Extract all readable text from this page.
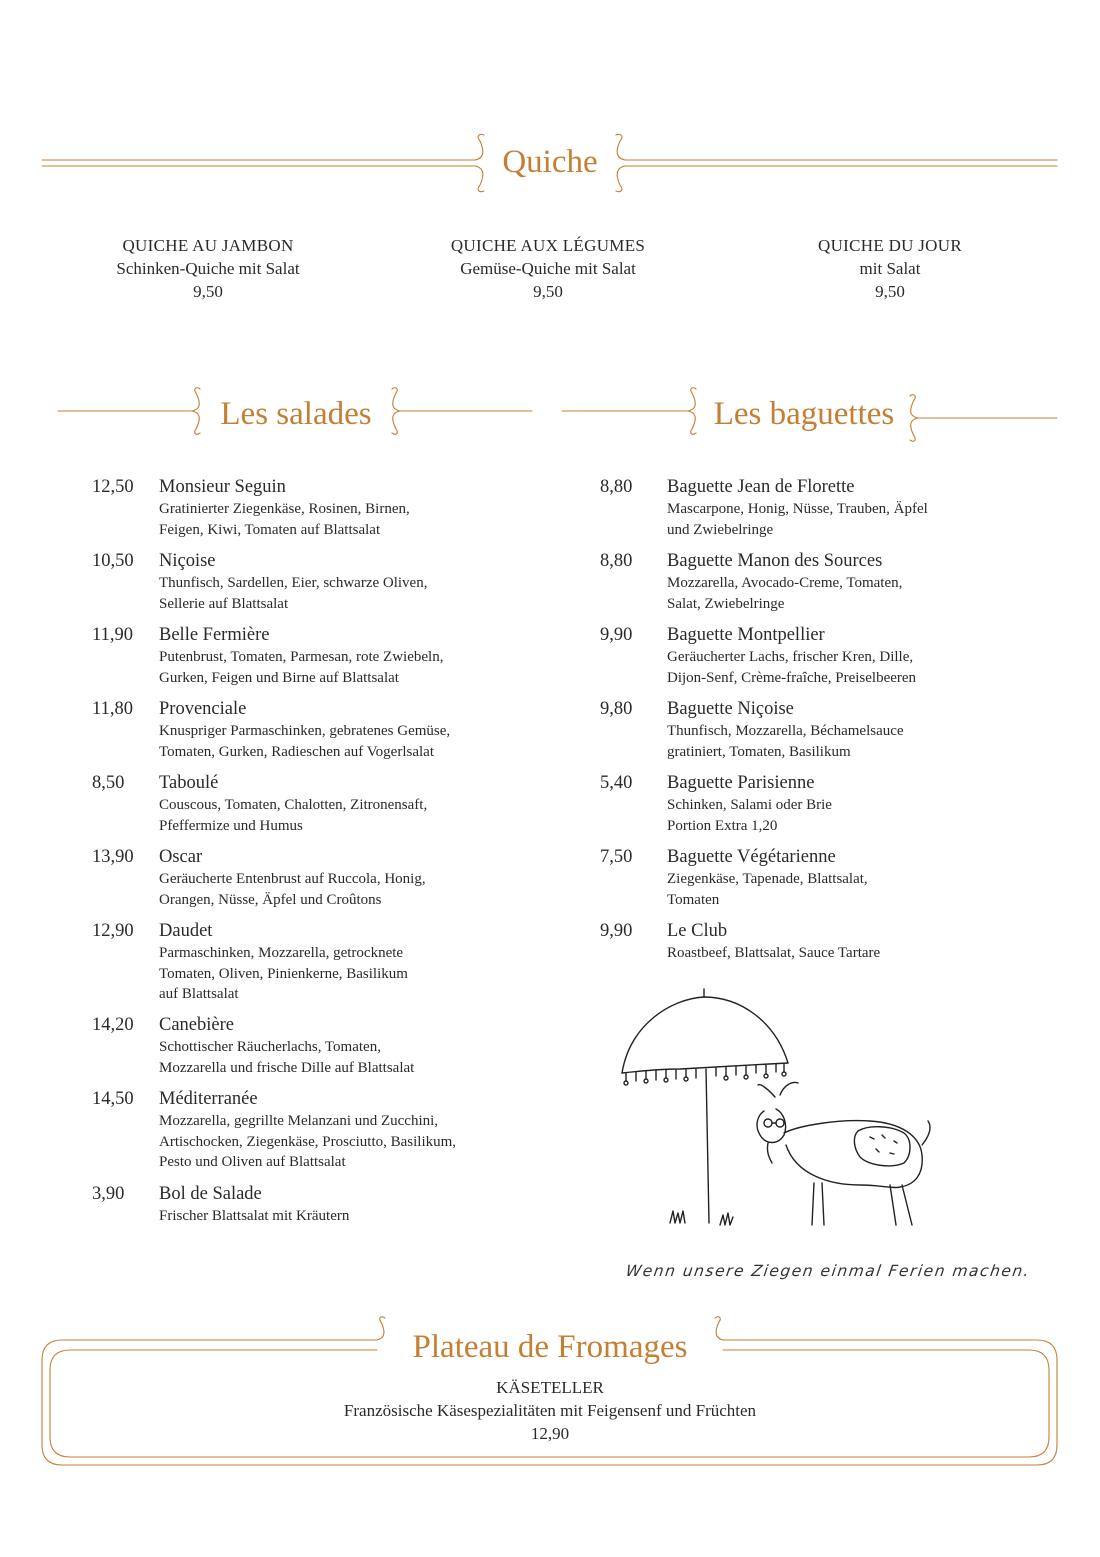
Quiche
QUICHE AU JAMBON
Schinken-Quiche mit Salat
9,50
QUICHE AUX LÉGUMES
Gemüse-Quiche mit Salat
9,50
QUICHE DU JOUR
mit Salat
9,50
Les salades	Les baguettes
12,50 Monsieur Seguin
Gratinierter Ziegenkäse, Rosinen, Birnen,
Feigen, Kiwi, Tomaten auf Blattsalat
10,50 Niçoise
Thunfisch, Sardellen, Eier, schwarze Oliven,
Sellerie auf Blattsalat
11,90 Belle Fermière
Putenbrust, Tomaten, Parmesan, rote Zwiebeln,
Gurken, Feigen und Birne auf Blattsalat
11,80 Provenciale
Knuspriger Parmaschinken, gebratenes Gemüse,
Tomaten, Gurken, Radieschen auf Vogerlsalat
8,50 Taboulé
Couscous, Tomaten, Chalotten, Zitronensaft,
Pfeffermize und Humus
13,90 Oscar
Geräucherte Entenbrust auf Ruccola, Honig,
Orangen, Nüsse, Äpfel und Croûtons
12,90 Daudet
Parmaschinken, Mozzarella, getrocknete
Tomaten, Oliven, Pinienkerne, Basilikum
auf Blattsalat
14,20 Canebière
Schottischer Räucherlachs, Tomaten,
Mozzarella und frische Dille auf Blattsalat
14,50 Méditerranée
Mozzarella, gegrillte Melanzani und Zucchini,
Artischocken, Ziegenkäse, Prosciutto, Basilikum,
Pesto und Oliven auf Blattsalat
3,90 Bol de Salade
Frischer Blattsalat mit Kräutern
8,80 Baguette Jean de Florette
Mascarpone, Honig, Nüsse, Trauben, Äpfel
und Zwiebelringe
8,80 Baguette Manon des Sources
Mozzarella, Avocado-Creme, Tomaten,
Salat, Zwiebelringe
9,90 Baguette Montpellier
Geräucherter Lachs, frischer Kren, Dille,
Dijon-Senf, Crème-fraîche, Preiselbeeren
9,80 Baguette Niçoise
Thunfisch, Mozzarella, Béchamelsauce
gratiniert, Tomaten, Basilikum
5,40 Baguette Parisienne
Schinken, Salami oder Brie
Portion Extra 1,20
7,50 Baguette Végétarienne
Ziegenkäse, Tapenade, Blattsalat,
Tomaten
9,90 Le Club
Roastbeef, Blattsalat, Sauce Tartare
Wenn unsere Ziegen einmal Ferien machen.
Plateau de Fromages
KÄSETELLER
Französische Käsespezialitäten mit Feigensenf und Früchten
12,90
